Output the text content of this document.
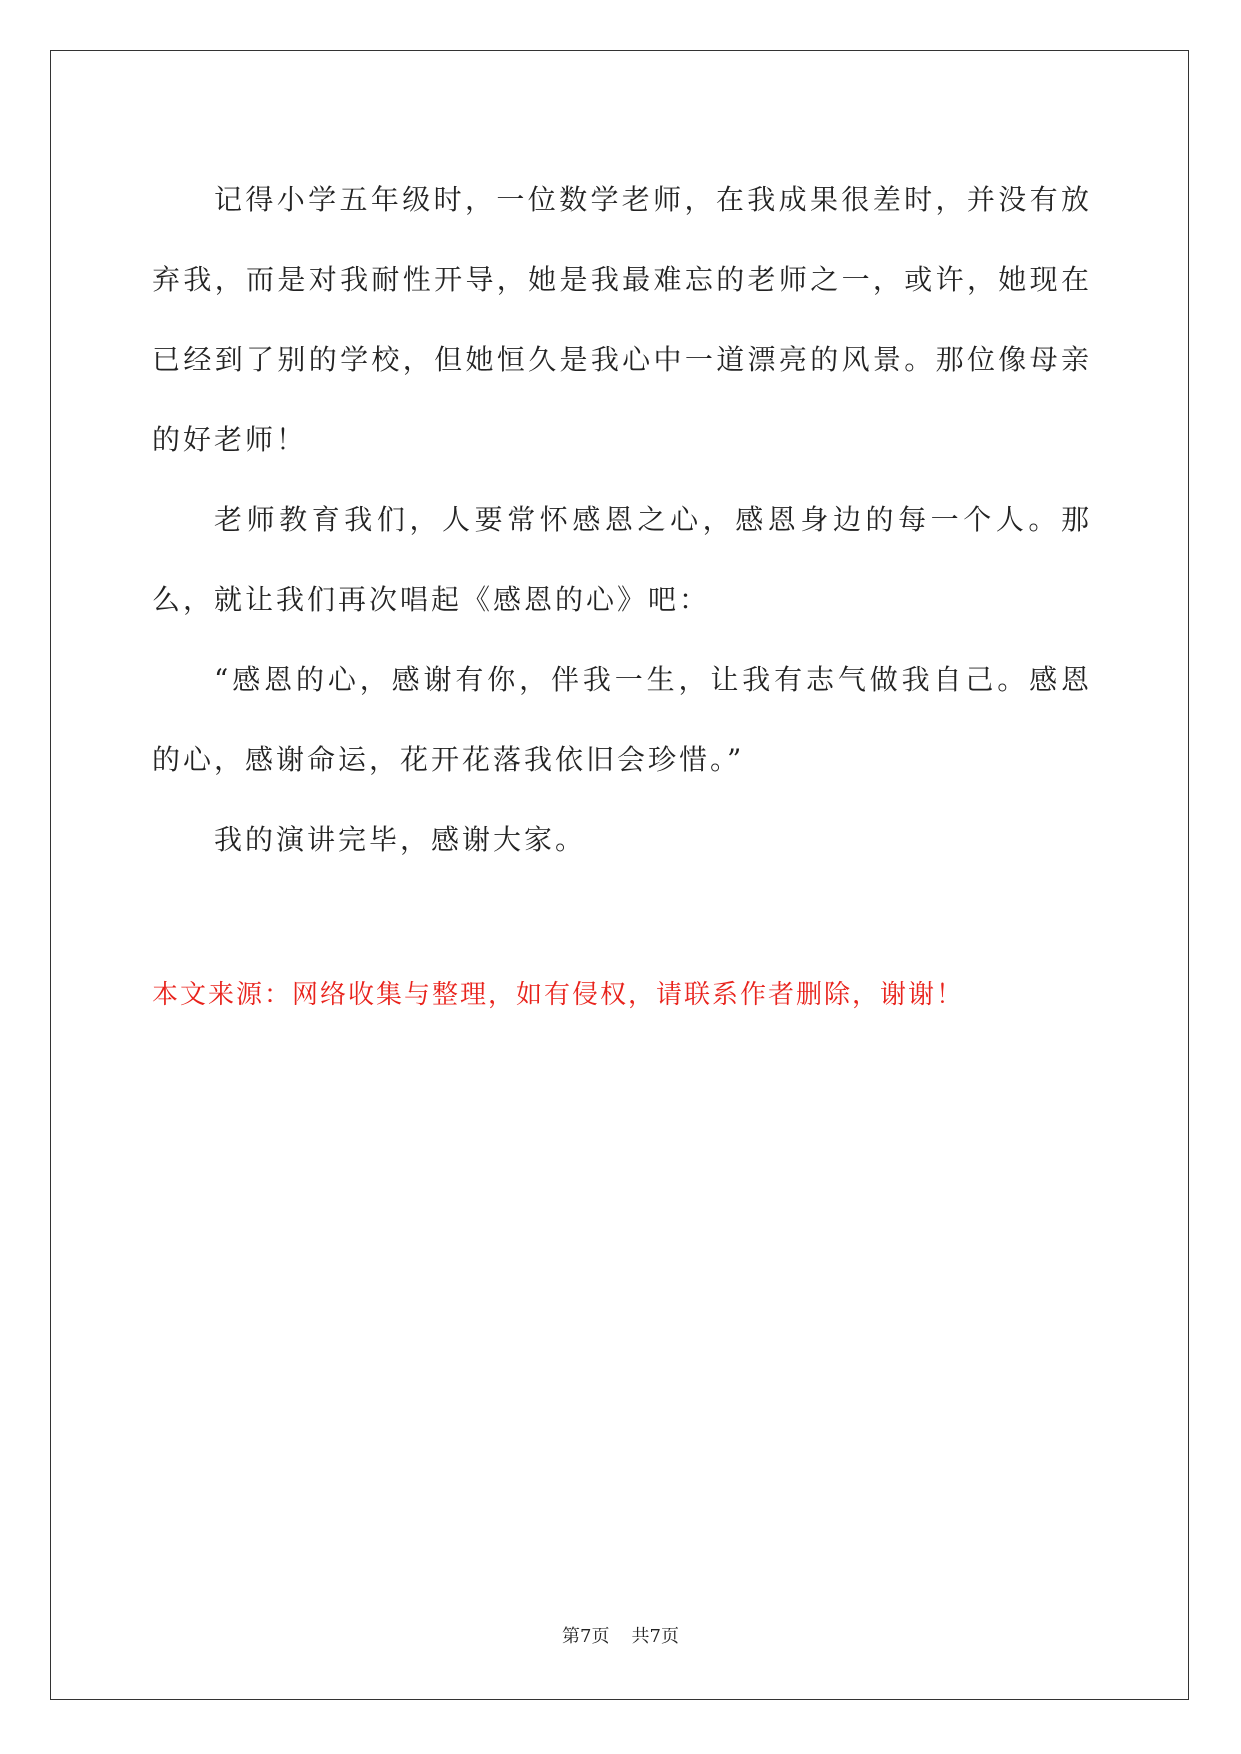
记得小学五年级时，一位数学老师，在我成果很差时，并没有放弃我，而是对我耐性开导，她是我最难忘的老师之一，或许，她现在已经到了别的学校，但她恒久是我心中一道漂亮的风景。那位像母亲的好老师！

老师教育我们，人要常怀感恩之心，感恩身边的每一个人。那么，就让我们再次唱起《感恩的心》吧：

“感恩的心，感谢有你，伴我一生，让我有志气做我自己。感恩的心，感谢命运，花开花落我依旧会珍惜。”

我的演讲完毕，感谢大家。

本文来源：网络收集与整理，如有侵权，请联系作者删除，谢谢！

第7页 共7页
